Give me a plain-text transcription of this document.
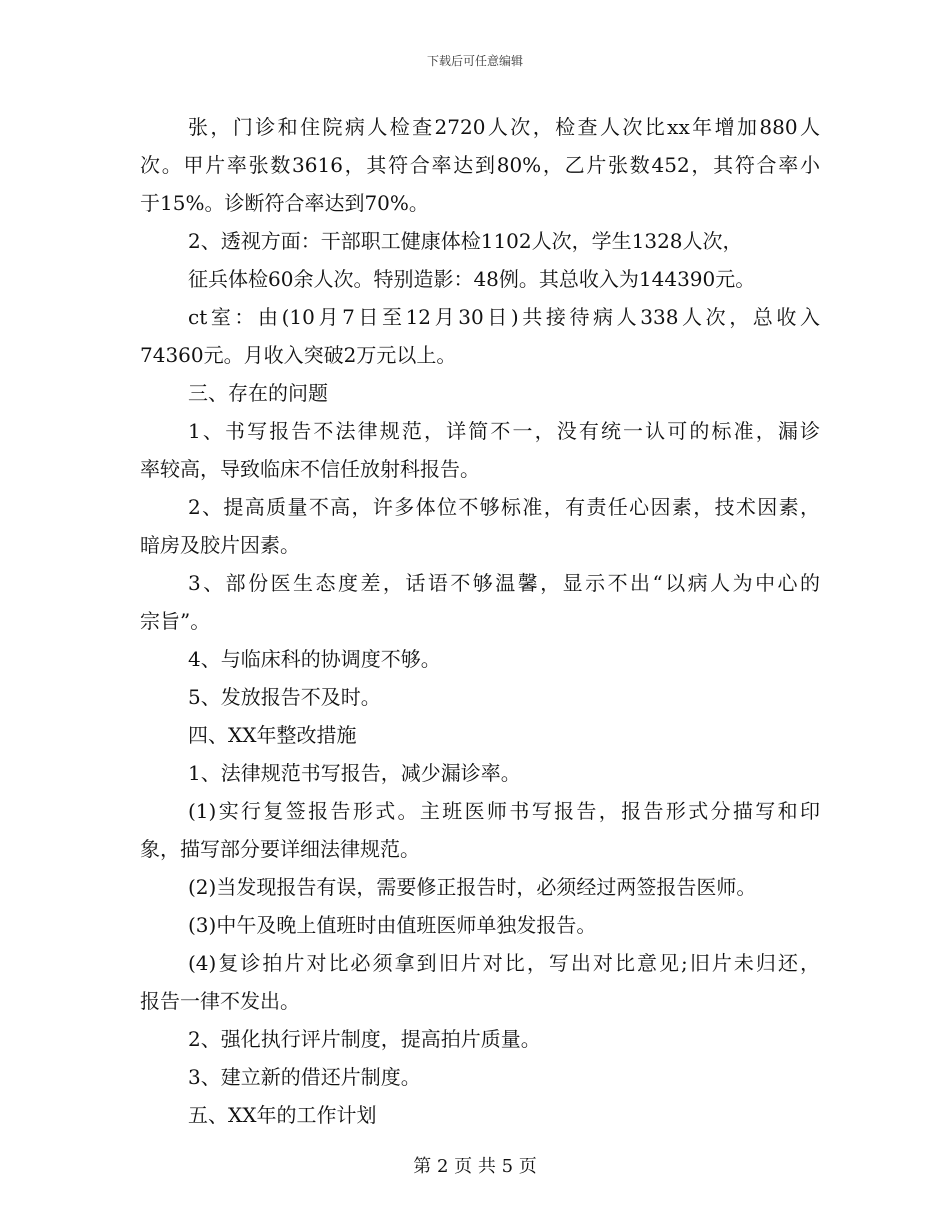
下载后可任意编辑

张，门诊和住院病人检查2720人次，检查人次比xx年增加880人

次。甲片率张数3616，其符合率达到80%，乙片张数452，其符合率小

于15%。诊断符合率达到70%。

2、透视方面：干部职工健康体检1102人次，学生1328人次，

征兵体检60余人次。特别造影：48例。其总收入为144390元。

ct室：由(10月7日至12月30日)共接待病人338人次，总收入

74360元。月收入突破2万元以上。

三、存在的问题

1、书写报告不法律规范，详简不一，没有统一认可的标准，漏诊

率较高，导致临床不信任放射科报告。

2、提高质量不高，许多体位不够标准，有责任心因素，技术因素，

暗房及胶片因素。

3、部份医生态度差，话语不够温馨，显示不出“以病人为中心的

宗旨”。

4、与临床科的协调度不够。

5、发放报告不及时。

四、XX年整改措施

1、法律规范书写报告，减少漏诊率。

(1)实行复签报告形式。主班医师书写报告，报告形式分描写和印

象，描写部分要详细法律规范。

(2)当发现报告有误，需要修正报告时，必须经过两签报告医师。

(3)中午及晚上值班时由值班医师单独发报告。

(4)复诊拍片对比必须拿到旧片对比，写出对比意见;旧片未归还，

报告一律不发出。

2、强化执行评片制度，提高拍片质量。

3、建立新的借还片制度。

五、XX年的工作计划

第 2 页 共 5 页
